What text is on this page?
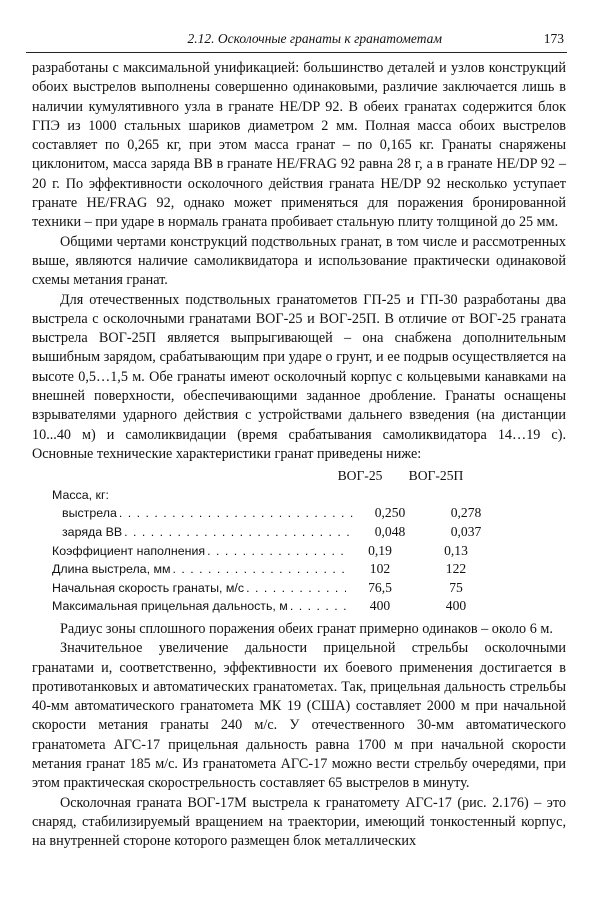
2.12. Осколочные гранаты к гранатометам	173

разработаны с максимальной унификацией: большинство деталей и узлов конструкций обоих выстрелов выполнены совершенно одинаковыми, различие заключается лишь в наличии кумулятивного узла в гранате HE/DP 92. В обеих гранатах содержится блок ГПЭ из 1000 стальных шариков диаметром 2 мм. Полная масса обоих выстрелов составляет по 0,265 кг, при этом масса гранат – по 0,165 кг. Гранаты снаряжены циклонитом, масса заряда ВВ в гранате HE/FRAG 92 равна 28 г, а в гранате HE/DP 92 – 20 г. По эффективности осколочного действия граната HE/DP 92 несколько уступает гранате HE/FRAG 92, однако может применяться для поражения бронированной техники – при ударе в нормаль граната пробивает стальную плиту толщиной до 25 мм.

Общими чертами конструкций подствольных гранат, в том числе и рассмотренных выше, являются наличие самоликвидатора и использование практически одинаковой схемы метания гранат.

Для отечественных подствольных гранатометов ГП-25 и ГП-30 разработаны два выстрела с осколочными гранатами ВОГ-25 и ВОГ-25П. В отличие от ВОГ-25 граната выстрела ВОГ-25П является выпрыгивающей – она снабжена дополнительным вышибным зарядом, срабатывающим при ударе о грунт, и ее подрыв осуществляется на высоте 0,5…1,5 м. Обе гранаты имеют осколочный корпус с кольцевыми канавками на внешней поверхности, обеспечивающими заданное дробление. Гранаты оснащены взрывателями ударного действия с устройствами дальнего взведения (на дистанции 10...40 м) и самоликвидации (время срабатывания самоликвидатора 14…19 с). Основные технические характеристики гранат приведены ниже:

ВОГ-25	ВОГ-25П
Масса, кг:
выстрела . . .	0,250	0,278
заряда ВВ . . .	0,048	0,037
Коэффициент наполнения . . .	0,19	0,13
Длина выстрела, мм . . .	102	122
Начальная скорость гранаты, м/с . . .	76,5	75
Максимальная прицельная дальность, м . . .	400	400

Радиус зоны сплошного поражения обеих гранат примерно одинаков – около 6 м.

Значительное увеличение дальности прицельной стрельбы осколочными гранатами и, соответственно, эффективности их боевого применения достигается в противотанковых и автоматических гранатометах. Так, прицельная дальность стрельбы 40-мм автоматического гранатомета МК 19 (США) составляет 2000 м при начальной скорости метания гранаты 240 м/с. У отечественного 30-мм автоматического гранатомета АГС-17 прицельная дальность равна 1700 м при начальной скорости метания гранат 185 м/с. Из гранатомета АГС-17 можно вести стрельбу очередями, при этом практическая скорострельность составляет 65 выстрелов в минуту.

Осколочная граната ВОГ-17М выстрела к гранатомету АГС-17 (рис. 2.176) – это снаряд, стабилизируемый вращением на траектории, имеющий тонкостенный корпус, на внутренней стороне которого размещен блок металлических
